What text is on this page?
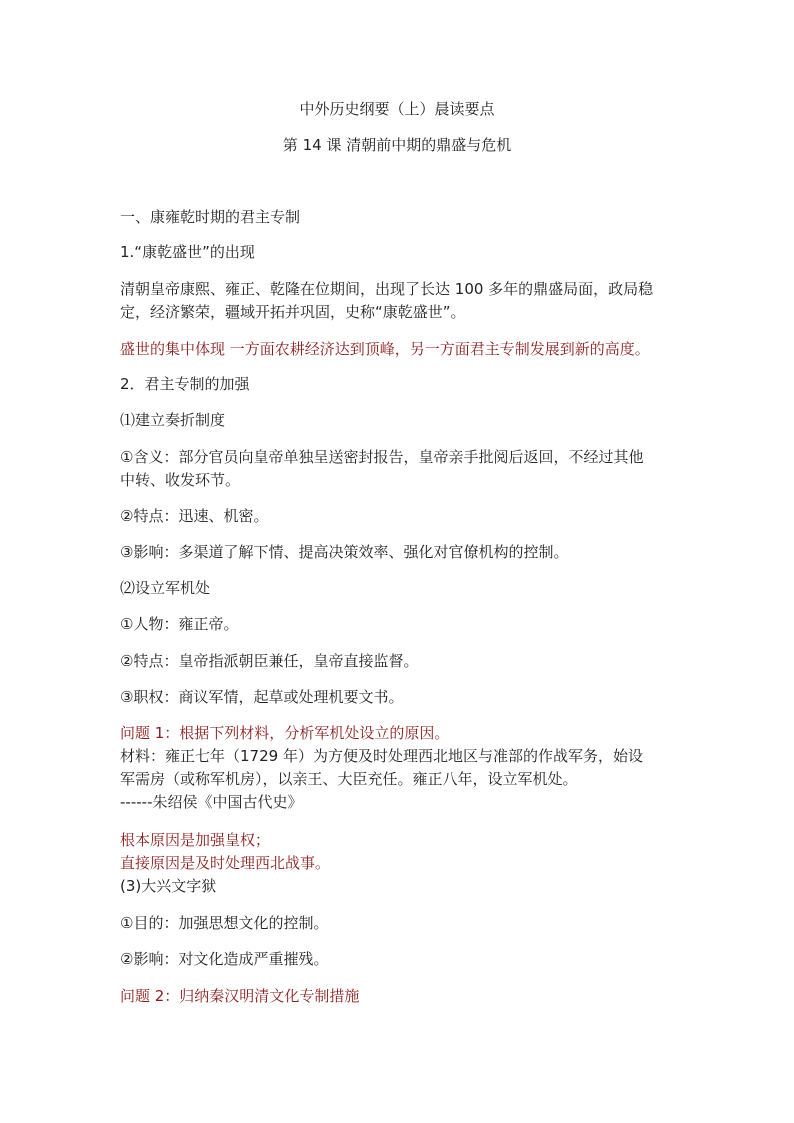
中外历史纲要（上）晨读要点

第 14 课 清朝前中期的鼎盛与危机

一、康雍乾时期的君主专制

1.“康乾盛世”的出现

清朝皇帝康熙、雍正、乾隆在位期间，出现了长达 100 多年的鼎盛局面，政局稳

定，经济繁荣，疆域开拓并巩固，史称“康乾盛世”。

盛世的集中体现 一方面农耕经济达到顶峰，另一方面君主专制发展到新的高度。

2．君主专制的加强

⑴建立奏折制度

①含义：部分官员向皇帝单独呈送密封报告，皇帝亲手批阅后返回，不经过其他

中转、收发环节。

②特点：迅速、机密。

③影响：多渠道了解下情、提高决策效率、强化对官僚机构的控制。

⑵设立军机处

①人物：雍正帝。

②特点：皇帝指派朝臣兼任，皇帝直接监督。

③职权：商议军情，起草或处理机要文书。

问题 1：根据下列材料，分析军机处设立的原因。

材料：雍正七年（1729 年）为方便及时处理西北地区与准部的作战军务，始设

军需房（或称军机房），以亲王、大臣充任。雍正八年，设立军机处。

------朱绍侯《中国古代史》

根本原因是加强皇权；

直接原因是及时处理西北战事。

(3)大兴文字狱

①目的：加强思想文化的控制。

②影响：对文化造成严重摧残。

问题 2：归纳秦汉明清文化专制措施
